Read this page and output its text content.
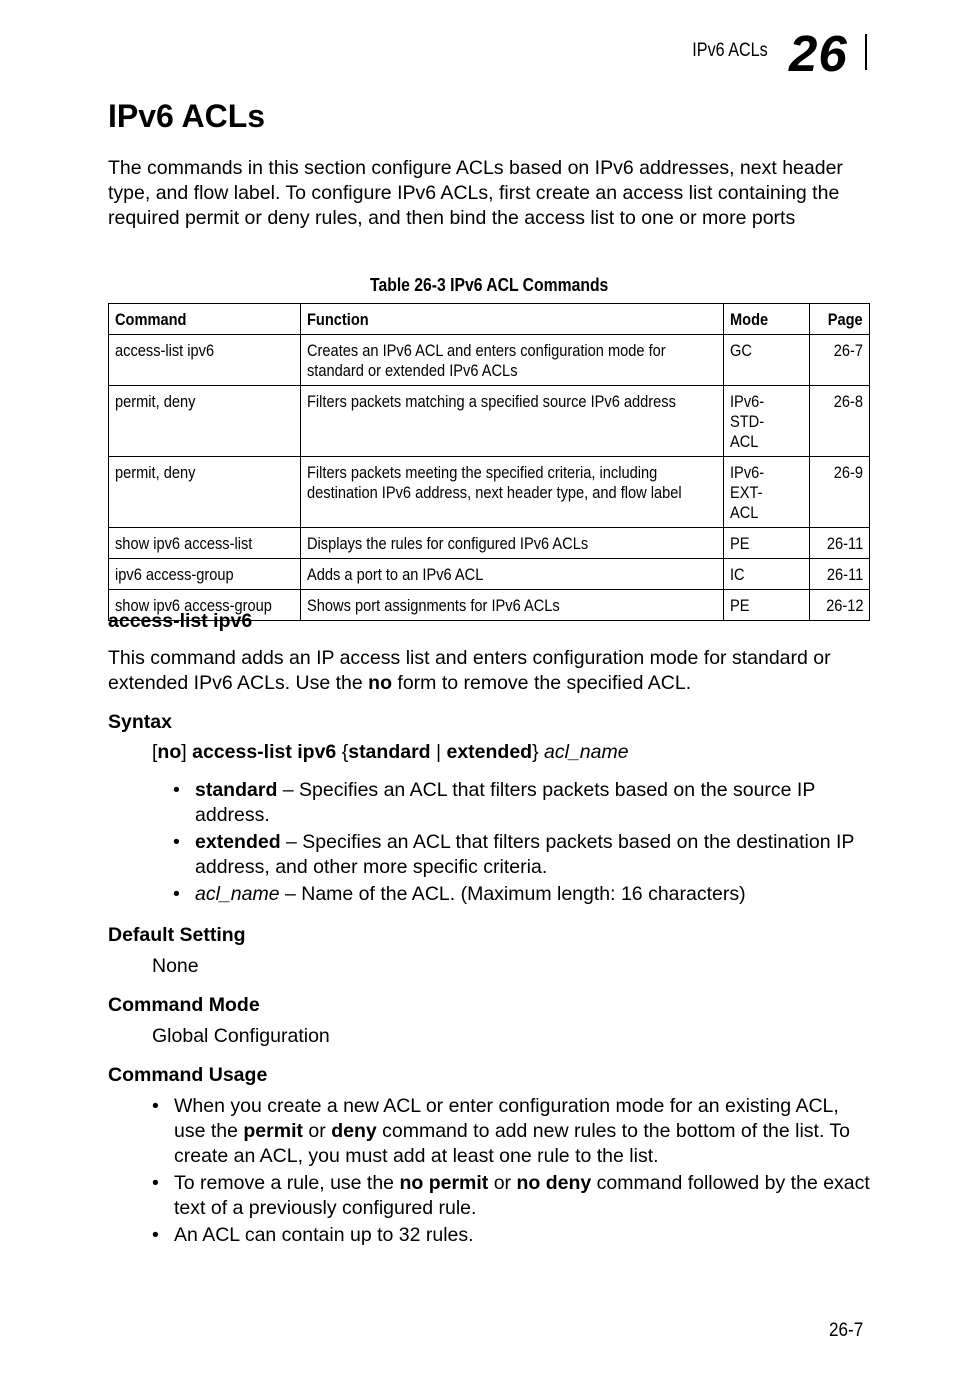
IPv6 ACLs 26
IPv6 ACLs

The commands in this section configure ACLs based on IPv6 addresses, next header type, and flow label. To configure IPv6 ACLs, first create an access list containing the required permit or deny rules, and then bind the access list to one or more ports

Table 26-3 IPv6 ACL Commands
Command	Function	Mode	Page
access-list ipv6	Creates an IPv6 ACL and enters configuration mode for standard or extended IPv6 ACLs	GC	26-7
permit, deny	Filters packets matching a specified source IPv6 address	IPv6-STD-ACL	26-8
permit, deny	Filters packets meeting the specified criteria, including destination IPv6 address, next header type, and flow label	IPv6-EXT-ACL	26-9
show ipv6 access-list	Displays the rules for configured IPv6 ACLs	PE	26-11
ipv6 access-group	Adds a port to an IPv6 ACL	IC	26-11
show ipv6 access-group	Shows port assignments for IPv6 ACLs	PE	26-12
access-list ipv6

This command adds an IP access list and enters configuration mode for standard or extended IPv6 ACLs. Use the no form to remove the specified ACL.

Syntax

[no] access-list ipv6 {standard | extended} acl_name

• standard – Specifies an ACL that filters packets based on the source IP address.
• extended – Specifies an ACL that filters packets based on the destination IP address, and other more specific criteria.
• acl_name – Name of the ACL. (Maximum length: 16 characters)
Default Setting

None

Command Mode

Global Configuration

Command Usage
• When you create a new ACL or enter configuration mode for an existing ACL, use the permit or deny command to add new rules to the bottom of the list. To create an ACL, you must add at least one rule to the list.
• To remove a rule, use the no permit or no deny command followed by the exact text of a previously configured rule.
• An ACL can contain up to 32 rules.
26-7
